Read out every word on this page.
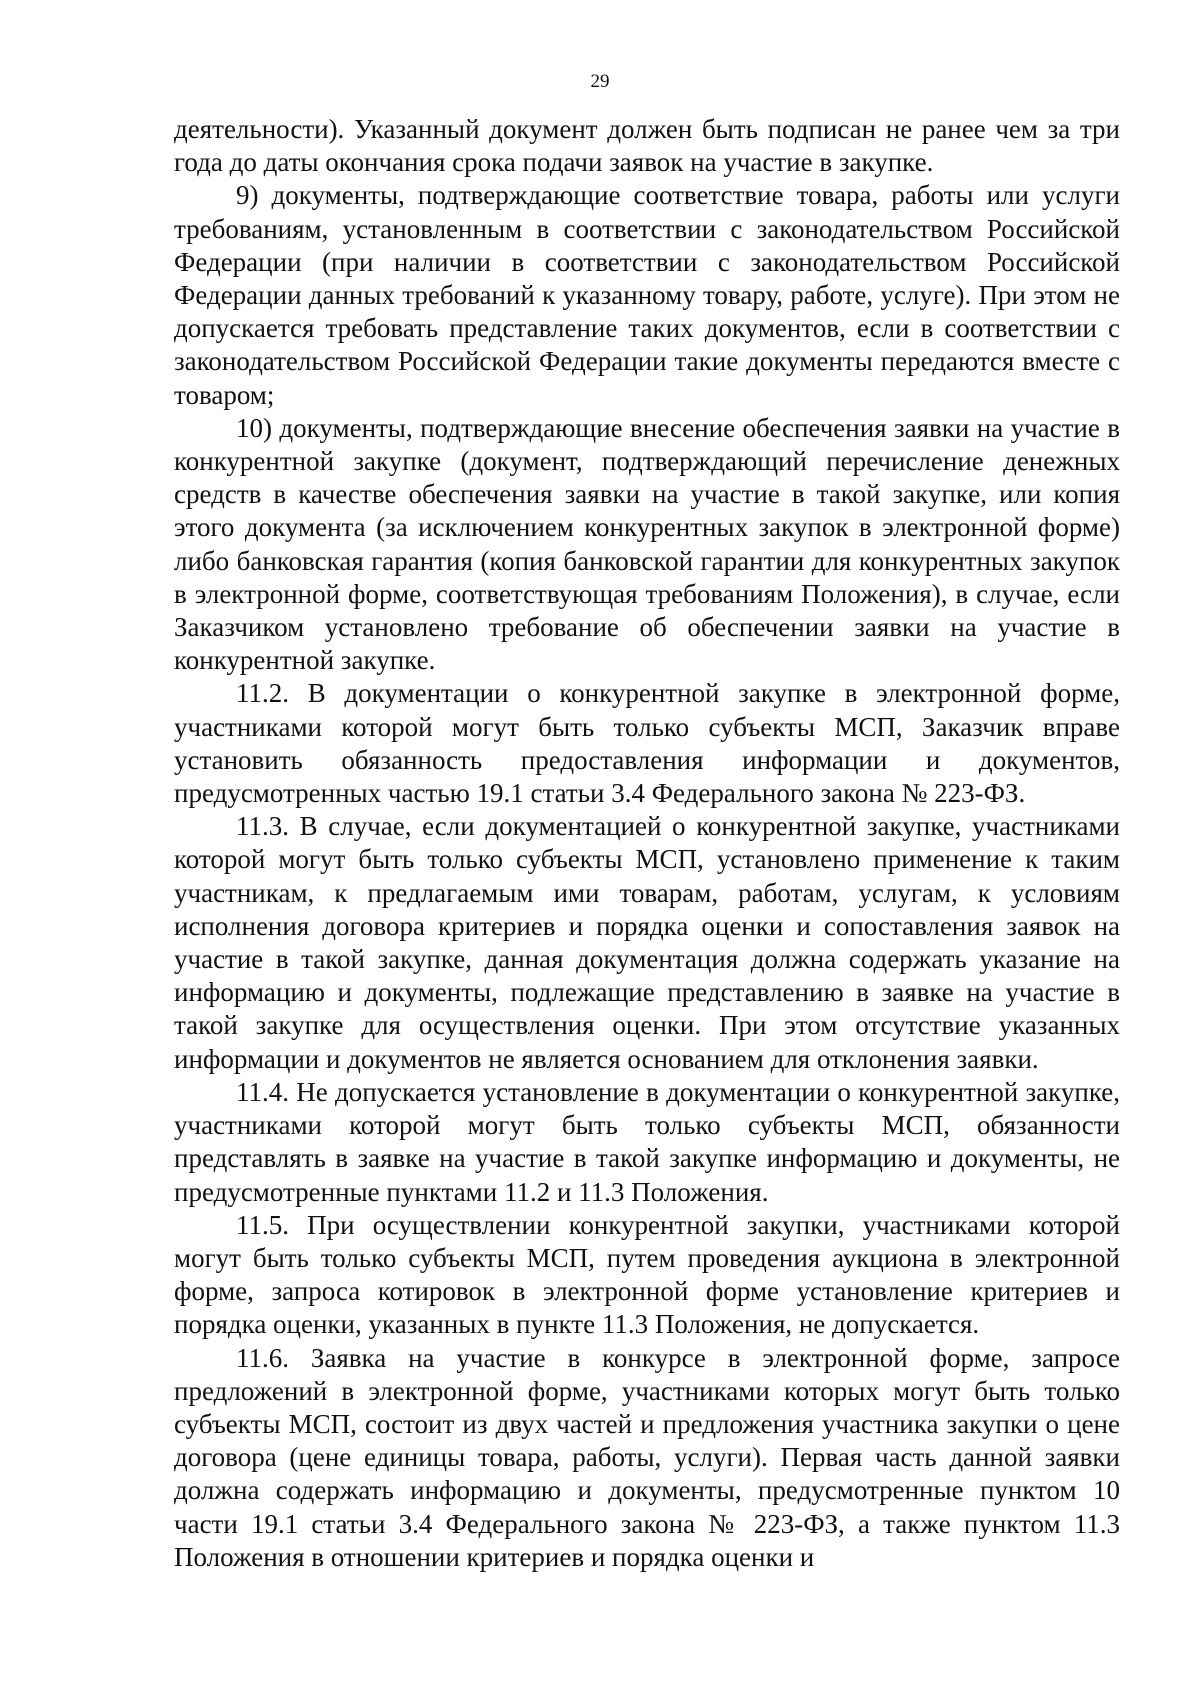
29

деятельности). Указанный документ должен быть подписан не ранее чем за три года до даты окончания срока подачи заявок на участие в закупке.

9) документы, подтверждающие соответствие товара, работы или услуги требованиям, установленным в соответствии с законодательством Российской Федерации (при наличии в соответствии с законодательством Российской Федерации данных требований к указанному товару, работе, услуге). При этом не допускается требовать представление таких документов, если в соответствии с законодательством Российской Федерации такие документы передаются вместе с товаром;

10) документы, подтверждающие внесение обеспечения заявки на участие в конкурентной закупке (документ, подтверждающий перечисление денежных средств в качестве обеспечения заявки на участие в такой закупке, или копия этого документа (за исключением конкурентных закупок в электронной форме) либо банковская гарантия (копия банковской гарантии для конкурентных закупок в электронной форме, соответствующая требованиям Положения), в случае, если Заказчиком установлено требование об обеспечении заявки на участие в конкурентной закупке.

11.2. В документации о конкурентной закупке в электронной форме, участниками которой могут быть только субъекты МСП, Заказчик вправе установить обязанность предоставления информации и документов, предусмотренных частью 19.1 статьи 3.4 Федерального закона № 223-ФЗ.

11.3. В случае, если документацией о конкурентной закупке, участниками которой могут быть только субъекты МСП, установлено применение к таким участникам, к предлагаемым ими товарам, работам, услугам, к условиям исполнения договора критериев и порядка оценки и сопоставления заявок на участие в такой закупке, данная документация должна содержать указание на информацию и документы, подлежащие представлению в заявке на участие в такой закупке для осуществления оценки. При этом отсутствие указанных информации и документов не является основанием для отклонения заявки.

11.4. Не допускается установление в документации о конкурентной закупке, участниками которой могут быть только субъекты МСП, обязанности представлять в заявке на участие в такой закупке информацию и документы, не предусмотренные пунктами 11.2 и 11.3 Положения.

11.5. При осуществлении конкурентной закупки, участниками которой могут быть только субъекты МСП, путем проведения аукциона в электронной форме, запроса котировок в электронной форме установление критериев и порядка оценки, указанных в пункте 11.3 Положения, не допускается.

11.6. Заявка на участие в конкурсе в электронной форме, запросе предложений в электронной форме, участниками которых могут быть только субъекты МСП, состоит из двух частей и предложения участника закупки о цене договора (цене единицы товара, работы, услуги). Первая часть данной заявки должна содержать информацию и документы, предусмотренные пунктом 10 части 19.1 статьи 3.4 Федерального закона № 223-ФЗ, а также пунктом 11.3 Положения в отношении критериев и порядка оценки и
